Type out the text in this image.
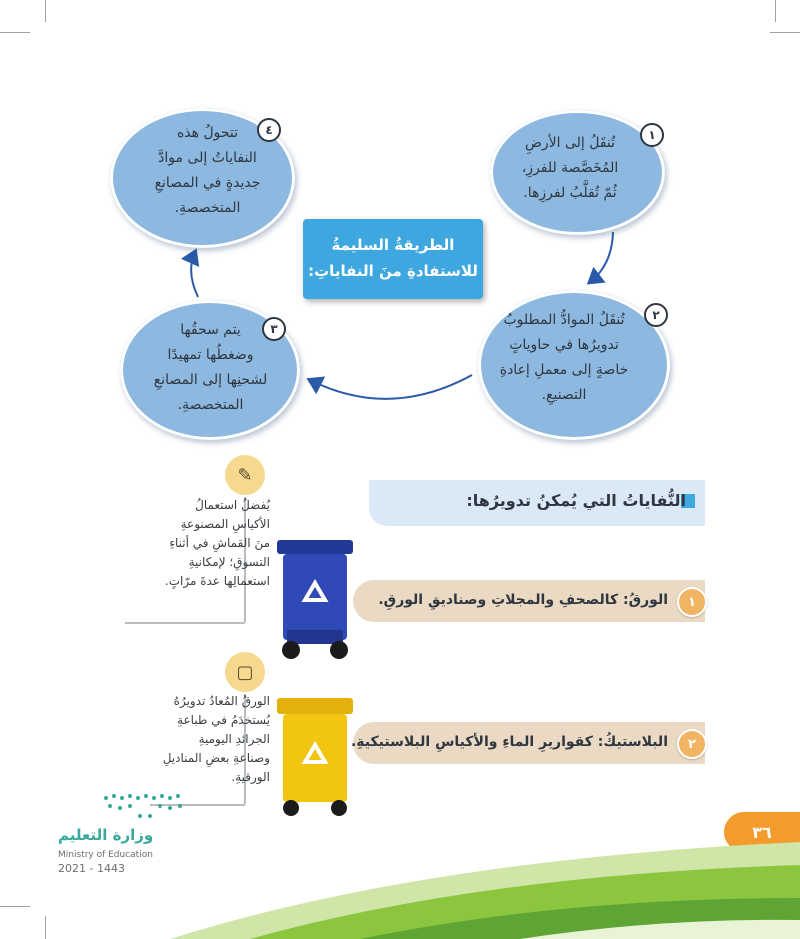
١
تُنقَلُ إلى الأرضِ
المُخَصَّصة للفرزِ،
ثُمّ تُقلَّبُ لفرزِها.
٤
تتحولُ هذه
النفاياتُ إلى موادَّ
جديدةٍ في المصانعِ
المتخصصةِ.
الطريقةُ السليمةُ
للاستفادةِ منَ النفاياتِ:
٣
يتم سحقُها
وضغطُها تمهيدًا
لشحنِها إلى المصانعِ
المتخصصةِ.
٢
تُنقَلُ الموادُّ المطلوبُ
تدويرُها في حاوياتٍ
خاصةٍ إلى معملِ إعادةِ
التصنيعِ.
النُّفاياتُ التي يُمكنُ تدويرُها:
١
الورقُ: كالصحفِ والمجلاتِ وصناديقِ الورقِ.
٢
البلاستيكُ: كقواريرِ الماءِ والأكياسِ البلاستيكيةِ.
✎
يُفضلُ استعمالُ
الأكياسِ المصنوعةِ
منَ القماشِ في أثناءِ
التسوقِ؛ لإمكانيةِ
استعمالِها عدةَ مرّاتٍ.
▢
الورقُ المُعادُ تدويرُهُ
يُستخدَمُ في طباعةِ
الجرائدِ اليوميةِ
وصناعةِ بعضِ المناديلِ
الورقيةِ.
وزارة التعليم
Ministry of Education
2021 - 1443
٣٦
